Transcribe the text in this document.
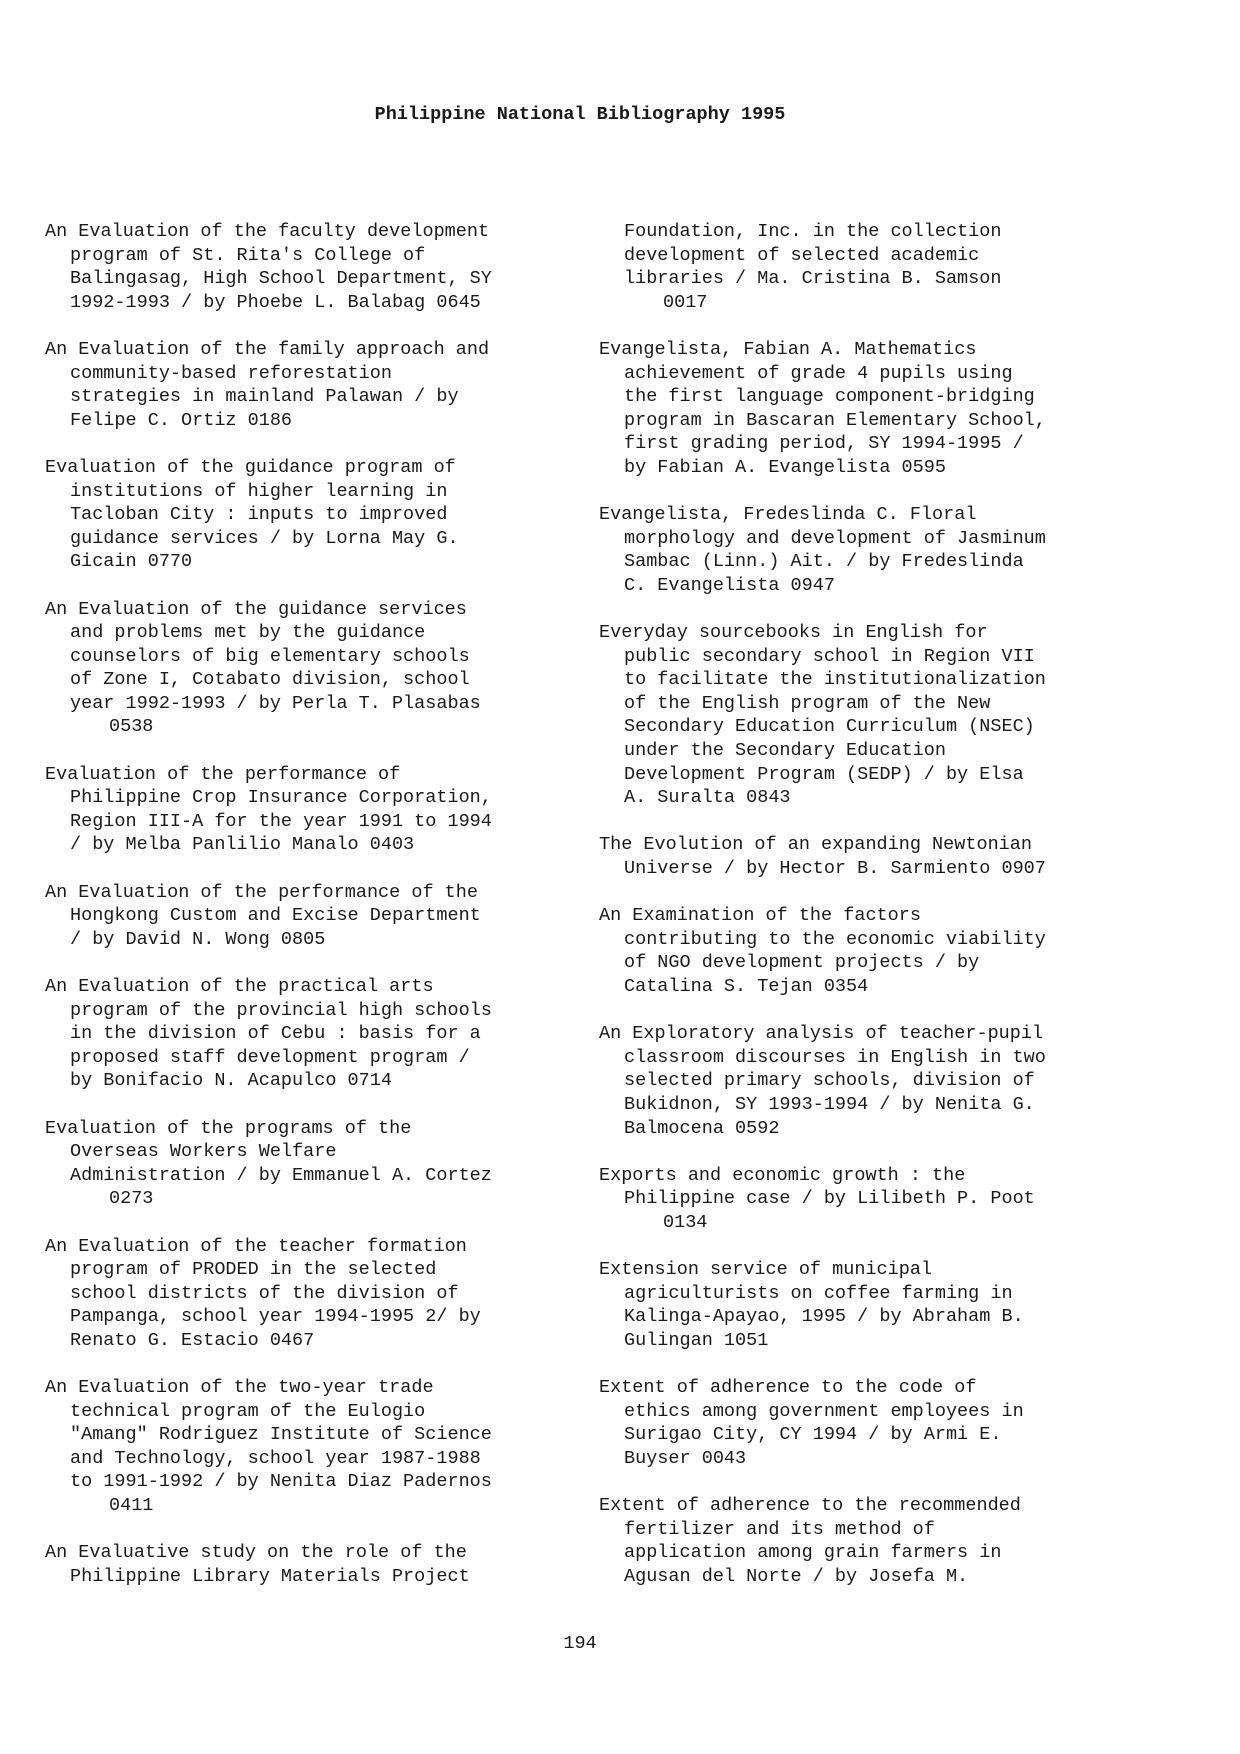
Philippine National Bibliography 1995
An Evaluation of the faculty development
program of St. Rita's College of
Balingasag, High School Department, SY
1992-1993 / by Phoebe L. Balabag 0645
An Evaluation of the family approach and
community-based reforestation
strategies in mainland Palawan / by
Felipe C. Ortiz 0186
Evaluation of the guidance program of
institutions of higher learning in
Tacloban City : inputs to improved
guidance services / by Lorna May G.
Gicain 0770
An Evaluation of the guidance services
and problems met by the guidance
counselors of big elementary schools
of Zone I, Cotabato division, school
year 1992-1993 / by Perla T. Plasabas
0538
Evaluation of the performance of
Philippine Crop Insurance Corporation,
Region III-A for the year 1991 to 1994
/ by Melba Panlilio Manalo 0403
An Evaluation of the performance of the
Hongkong Custom and Excise Department
/ by David N. Wong 0805
An Evaluation of the practical arts
program of the provincial high schools
in the division of Cebu : basis for a
proposed staff development program /
by Bonifacio N. Acapulco 0714
Evaluation of the programs of the
Overseas Workers Welfare
Administration / by Emmanuel A. Cortez
0273
An Evaluation of the teacher formation
program of PRODED in the selected
school districts of the division of
Pampanga, school year 1994-1995 2/ by
Renato G. Estacio 0467
An Evaluation of the two-year trade
technical program of the Eulogio
"Amang" Rodriguez Institute of Science
and Technology, school year 1987-1988
to 1991-1992 / by Nenita Diaz Padernos
0411
An Evaluative study on the role of the
Philippine Library Materials Project
Foundation, Inc. in the collection
development of selected academic
libraries / Ma. Cristina B. Samson
0017
Evangelista, Fabian A. Mathematics
achievement of grade 4 pupils using
the first language component-bridging
program in Bascaran Elementary School,
first grading period, SY 1994-1995 /
by Fabian A. Evangelista 0595
Evangelista, Fredeslinda C. Floral
morphology and development of Jasminum
Sambac (Linn.) Ait. / by Fredeslinda
C. Evangelista 0947
Everyday sourcebooks in English for
public secondary school in Region VII
to facilitate the institutionalization
of the English program of the New
Secondary Education Curriculum (NSEC)
under the Secondary Education
Development Program (SEDP) / by Elsa
A. Suralta 0843
The Evolution of an expanding Newtonian
Universe / by Hector B. Sarmiento 0907
An Examination of the factors
contributing to the economic viability
of NGO development projects / by
Catalina S. Tejan 0354
An Exploratory analysis of teacher-pupil
classroom discourses in English in two
selected primary schools, division of
Bukidnon, SY 1993-1994 / by Nenita G.
Balmocena 0592
Exports and economic growth : the
Philippine case / by Lilibeth P. Poot
0134
Extension service of municipal
agriculturists on coffee farming in
Kalinga-Apayao, 1995 / by Abraham B.
Gulingan 1051
Extent of adherence to the code of
ethics among government employees in
Surigao City, CY 1994 / by Armi E.
Buyser 0043
Extent of adherence to the recommended
fertilizer and its method of
application among grain farmers in
Agusan del Norte / by Josefa M.
194
